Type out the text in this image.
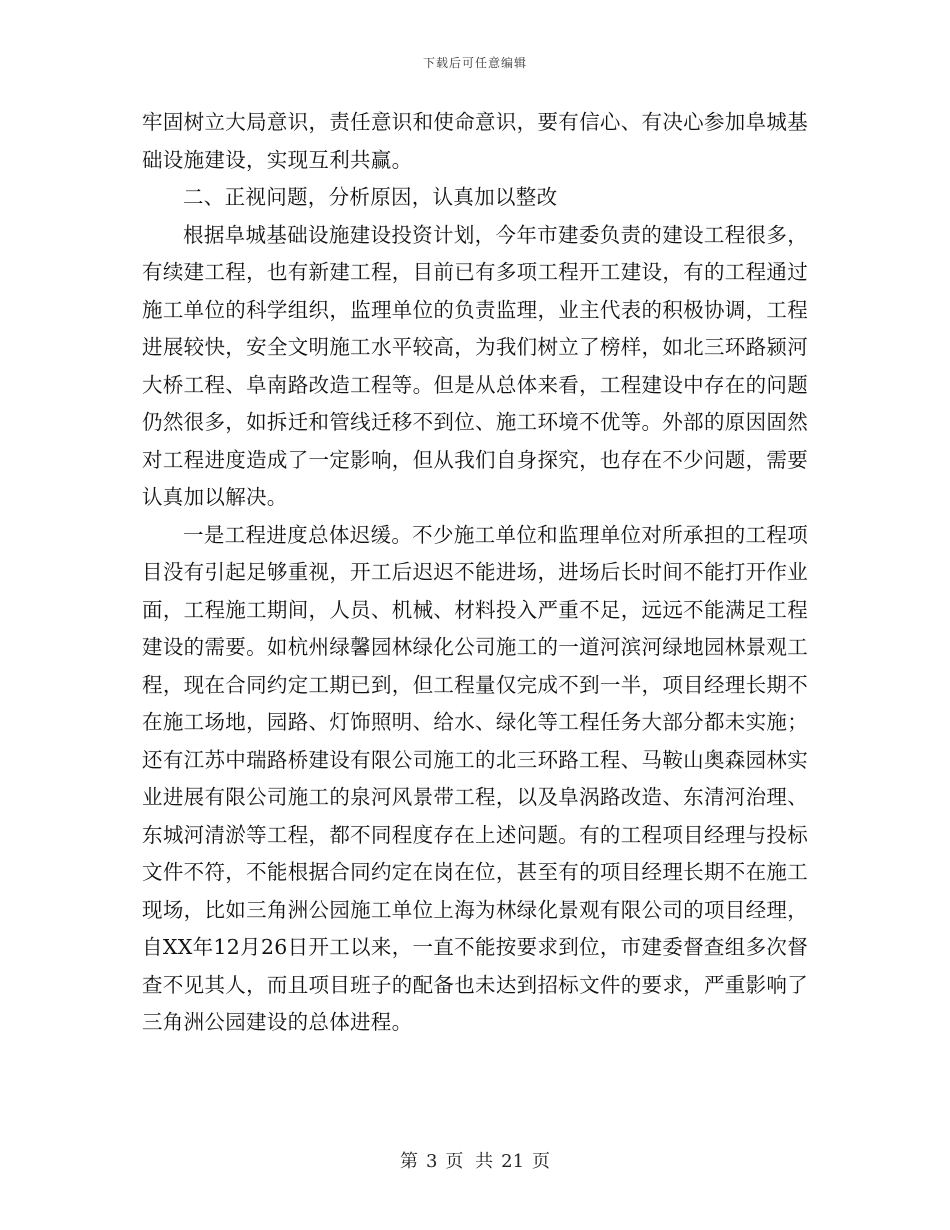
下载后可任意编辑

牢固树立大局意识，责任意识和使命意识，要有信心、有决心参加阜城基础设施建设，实现互利共赢。

二、正视问题，分析原因，认真加以整改

根据阜城基础设施建设投资计划，今年市建委负责的建设工程很多，有续建工程，也有新建工程，目前已有多项工程开工建设，有的工程通过施工单位的科学组织，监理单位的负责监理，业主代表的积极协调，工程进展较快，安全文明施工水平较高，为我们树立了榜样，如北三环路颍河大桥工程、阜南路改造工程等。但是从总体来看，工程建设中存在的问题仍然很多，如拆迁和管线迁移不到位、施工环境不优等。外部的原因固然对工程进度造成了一定影响，但从我们自身探究，也存在不少问题，需要认真加以解决。

一是工程进度总体迟缓。不少施工单位和监理单位对所承担的工程项目没有引起足够重视，开工后迟迟不能进场，进场后长时间不能打开作业面，工程施工期间，人员、机械、材料投入严重不足，远远不能满足工程建设的需要。如杭州绿馨园林绿化公司施工的一道河滨河绿地园林景观工程，现在合同约定工期已到，但工程量仅完成不到一半，项目经理长期不在施工场地，园路、灯饰照明、给水、绿化等工程任务大部分都未实施；还有江苏中瑞路桥建设有限公司施工的北三环路工程、马鞍山奥森园林实业进展有限公司施工的泉河风景带工程，以及阜涡路改造、东清河治理、东城河清淤等工程，都不同程度存在上述问题。有的工程项目经理与投标文件不符，不能根据合同约定在岗在位，甚至有的项目经理长期不在施工现场，比如三角洲公园施工单位上海为林绿化景观有限公司的项目经理，自XX年12月26日开工以来，一直不能按要求到位，市建委督查组多次督查不见其人，而且项目班子的配备也未达到招标文件的要求，严重影响了三角洲公园建设的总体进程。

第 3 页 共 21 页
